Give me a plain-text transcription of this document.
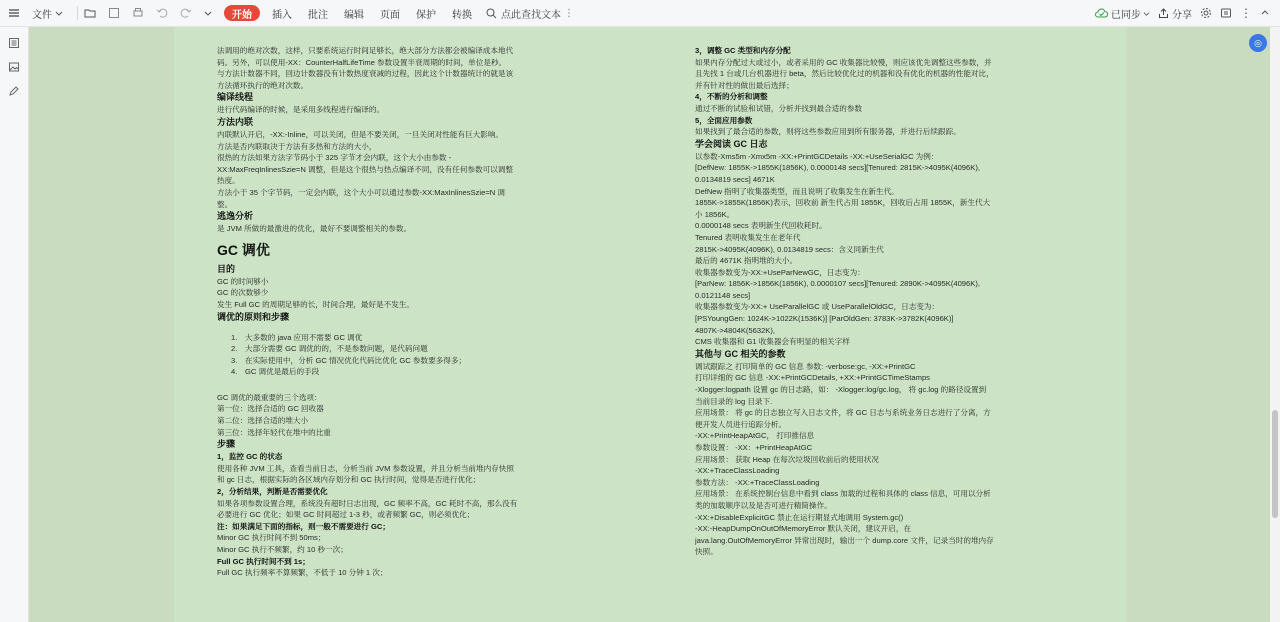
文件	开始	插入	批注	编辑	页面	保护	转换	点此查找文本 ⋮	已同步	分享	⋮

法调用的绝对次数，这样，只要系统运行时间足够长，绝大部分方法都会被编译成本地代

码。另外，可以使用-XX：CounterHalfLifeTime 参数设置半衰周期的时间，单位是秒。

与方法计数器不同，回边计数器没有计数热度衰减的过程，因此这个计数器统计的就是该

方法循环执行的绝对次数。

编译线程

进行代码编译的时候，是采用多线程进行编译的。

方法内联

内联默认开启，-XX:-Inline，可以关闭，但是不要关闭，一旦关闭对性能有巨大影响。

方法是否内联取决于方法有多热和方法的大小，

很热的方法如果方法字节码小于 325 字节才会内联，这个大小由参数 -

XX:MaxFreqInlinesSzie=N 调整，但是这个很热与热点编译不同，没有任何参数可以调整

热度。

方法小于 35 个字节码，一定会内联，这个大小可以通过参数-XX:MaxInlinesSzie=N 调

整。

逃逸分析

是 JVM 所做的最激进的优化，最好不要调整相关的参数。

GC 调优

目的

GC 的时间够小

GC 的次数够少

发生 Full GC 的周期足够的长，时间合理，最好是不发生。

调优的原则和步骤

1. 大多数的 java 应用不需要 GC 调优
2. 大部分需要 GC 调优的的，不是参数问题，是代码问题
3. 在实际使用中，分析 GC 情况优化代码比优化 GC 参数要多得多；
4. GC 调优是最后的手段

GC 调优的最重要的三个选项：

第一位：选择合适的 GC 回收器

第二位：选择合适的堆大小

第三位：选择年轻代在堆中的比重

步骤

1，监控 GC 的状态

使用各种 JVM 工具，查看当前日志，分析当前 JVM 参数设置，并且分析当前堆内存快照

和 gc 日志，根据实际的各区域内存划分和 GC 执行时间，觉得是否进行优化；

2，分析结果，判断是否需要优化

如果各项参数设置合理，系统没有超时日志出现，GC 频率不高，GC 耗时不高，那么没有

必要进行 GC 优化；如果 GC 时间超过 1-3 秒，或者频繁 GC，则必须优化；

注：如果满足下面的指标，则一般不需要进行 GC；

Minor GC 执行时间不到 50ms；

Minor GC 执行不频繁，约 10 秒一次；

Full GC 执行时间不到 1s；

Full GC 执行频率不算频繁，不低于 10 分钟 1 次；

3，调整 GC 类型和内存分配

如果内存分配过大或过小，或者采用的 GC 收集器比较慢，则应该优先调整这些参数，并

且先找 1 台或几台机器进行 beta，然后比较优化过的机器和没有优化的机器的性能对比，

并有针对性的做出最后选择；

4，不断的分析和调整

通过不断的试验和试错，分析并找到最合适的参数

5，全面应用参数

如果找到了最合适的参数，则将这些参数应用到所有服务器，并进行后续跟踪。

学会阅读 GC 日志

以参数-Xms5m -Xmx5m -XX:+PrintGCDetails -XX:+UseSerialGC 为例：

[DefNew: 1855K->1855K(1856K), 0.0000148 secs][Tenured: 2815K->4095K(4096K),

0.0134819 secs] 4671K

DefNew 指明了收集器类型，而且说明了收集发生在新生代。

1855K->1855K(1856K)表示，回收前 新生代占用 1855K，回收后占用 1855K，新生代大

小 1856K。

0.0000148 secs 表明新生代回收耗时。

Tenured 表明收集发生在老年代

2815K->4095K(4096K), 0.0134819 secs：含义同新生代

最后的 4671K 指明堆的大小。

收集器参数变为-XX:+UseParNewGC，日志变为：

[ParNew: 1856K->1856K(1856K), 0.0000107 secs][Tenured: 2890K->4095K(4096K),

0.0121148 secs]

收集器参数变为-XX:+ UseParallelGC 或 UseParallelOldGC，日志变为：

[PSYoungGen: 1024K->1022K(1536K)] [ParOldGen: 3783K->3782K(4096K)]

4807K->4804K(5632K),

CMS 收集器和 G1 收集器会有明显的相关字样

其他与 GC 相关的参数

调试跟踪之 打印简单的 GC 信息 参数: -verbose:gc, -XX:+PrintGC

打印详细的 GC 信息 -XX:+PrintGCDetails, +XX:+PrintGCTimeStamps

-Xlogger:logpath 设置 gc 的日志路，如： -Xlogger:log/gc.log， 将 gc.log 的路径设置到

当前目录的 log 目录下.

应用场景： 将 gc 的日志独立写入日志文件，将 GC 日志与系统业务日志进行了分离，方

便开发人员进行追踪分析。

-XX:+PrintHeapAtGC， 打印推信息

参数设置： -XX：+PrintHeapAtGC

应用场景： 获取 Heap 在每次垃圾回收前后的使用状况

-XX:+TraceClassLoading

参数方法： -XX:+TraceClassLoading

应用场景： 在系统控制台信息中看到 class 加载的过程和具体的 class 信息，可用以分析

类的加载顺序以及是否可进行精简操作。

-XX:+DisableExplicitGC 禁止在运行期显式地调用 System.gc()

-XX:-HeapDumpOnOutOfMemoryError 默认关闭，建议开启，在

java.lang.OutOfMemoryError 异常出现时，输出一个 dump.core 文件，记录当时的堆内存

快照。

◎
